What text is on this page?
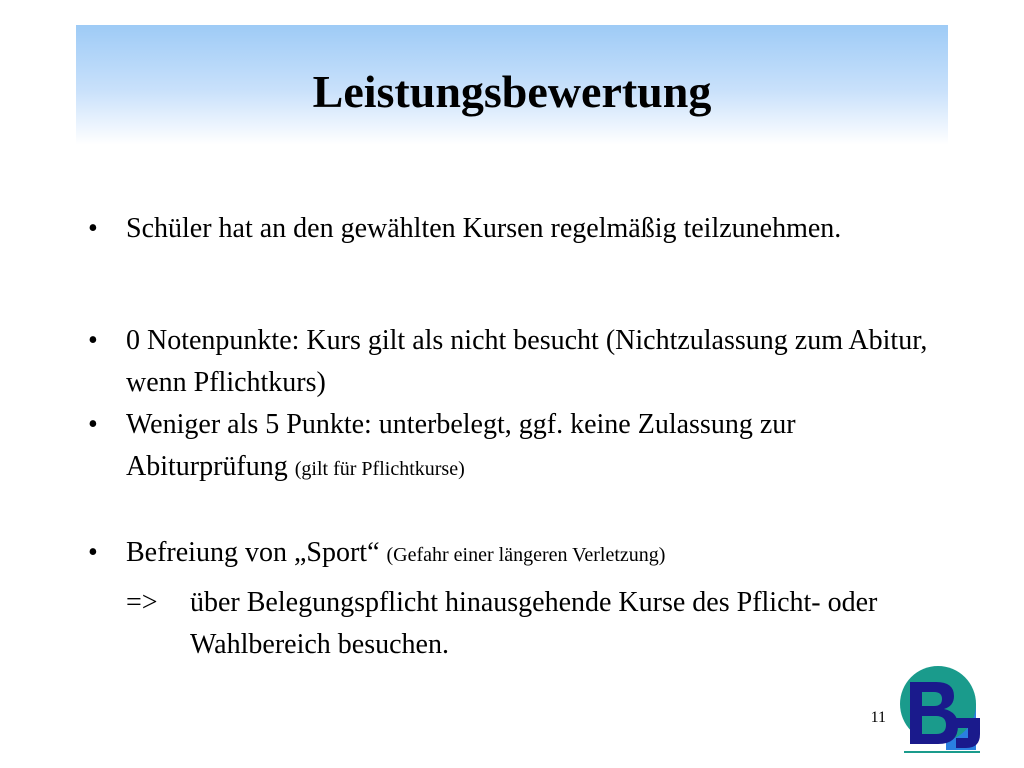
Leistungsbewertung
•	Schüler hat an den gewählten Kursen regelmäßig teilzunehmen.
•	0 Notenpunkte: Kurs gilt als nicht besucht (Nichtzulassung zum Abitur, wenn Pflichtkurs)
•	Weniger als 5 Punkte: unterbelegt, ggf. keine Zulassung zur Abiturprüfung (gilt für Pflichtkurse)
•	Befreiung von „Sport“ (Gefahr einer längeren Verletzung)
=> über Belegungspflicht hinausgehende Kurse des Pflicht- oder Wahlbereich besuchen.
11
